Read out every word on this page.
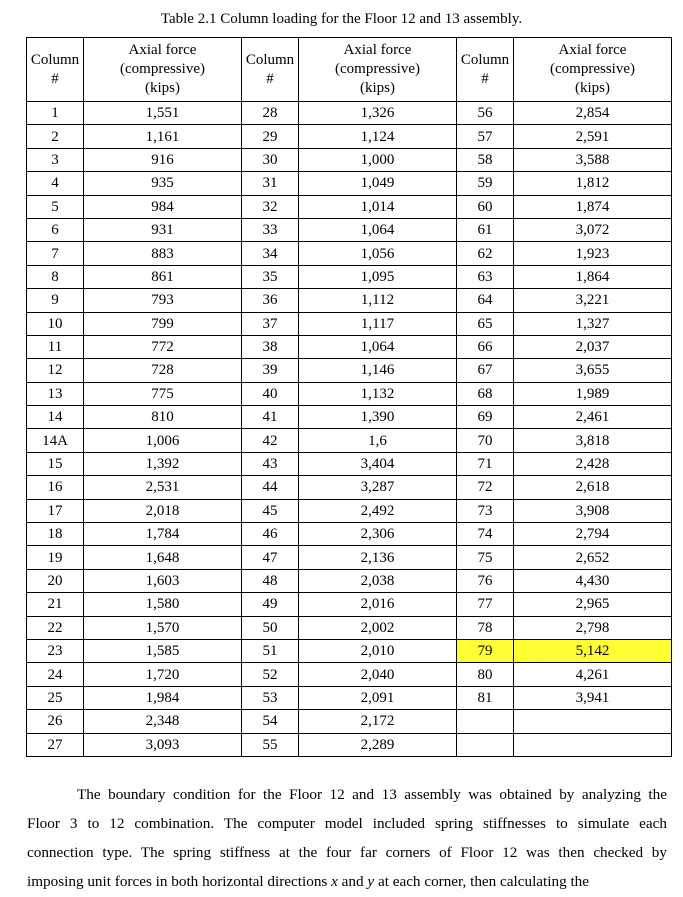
Table 2.1 Column loading for the Floor 12 and 13 assembly.
Column
#	Axial force
(compressive)
(kips)	Column
#	Axial force
(compressive)
(kips)	Column
#	Axial force
(compressive)
(kips)
1	1,551	28	1,326	56	2,854
2	1,161	29	1,124	57	2,591
3	916	30	1,000	58	3,588
4	935	31	1,049	59	1,812
5	984	32	1,014	60	1,874
6	931	33	1,064	61	3,072
7	883	34	1,056	62	1,923
8	861	35	1,095	63	1,864
9	793	36	1,112	64	3,221
10	799	37	1,117	65	1,327
11	772	38	1,064	66	2,037
12	728	39	1,146	67	3,655
13	775	40	1,132	68	1,989
14	810	41	1,390	69	2,461
14A	1,006	42	1,6	70	3,818
15	1,392	43	3,404	71	2,428
16	2,531	44	3,287	72	2,618
17	2,018	45	2,492	73	3,908
18	1,784	46	2,306	74	2,794
19	1,648	47	2,136	75	2,652
20	1,603	48	2,038	76	4,430
21	1,580	49	2,016	77	2,965
22	1,570	50	2,002	78	2,798
23	1,585	51	2,010	79	5,142
24	1,720	52	2,040	80	4,261
25	1,984	53	2,091	81	3,941
26	2,348	54	2,172		
27	3,093	55	2,289		

The boundary condition for the Floor 12 and 13 assembly was obtained by analyzing the

Floor 3 to 12 combination. The computer model included spring stiffnesses to simulate each

connection type. The spring stiffness at the four far corners of Floor 12 was then checked by

imposing unit forces in both horizontal directions x and y at each corner, then calculating the
